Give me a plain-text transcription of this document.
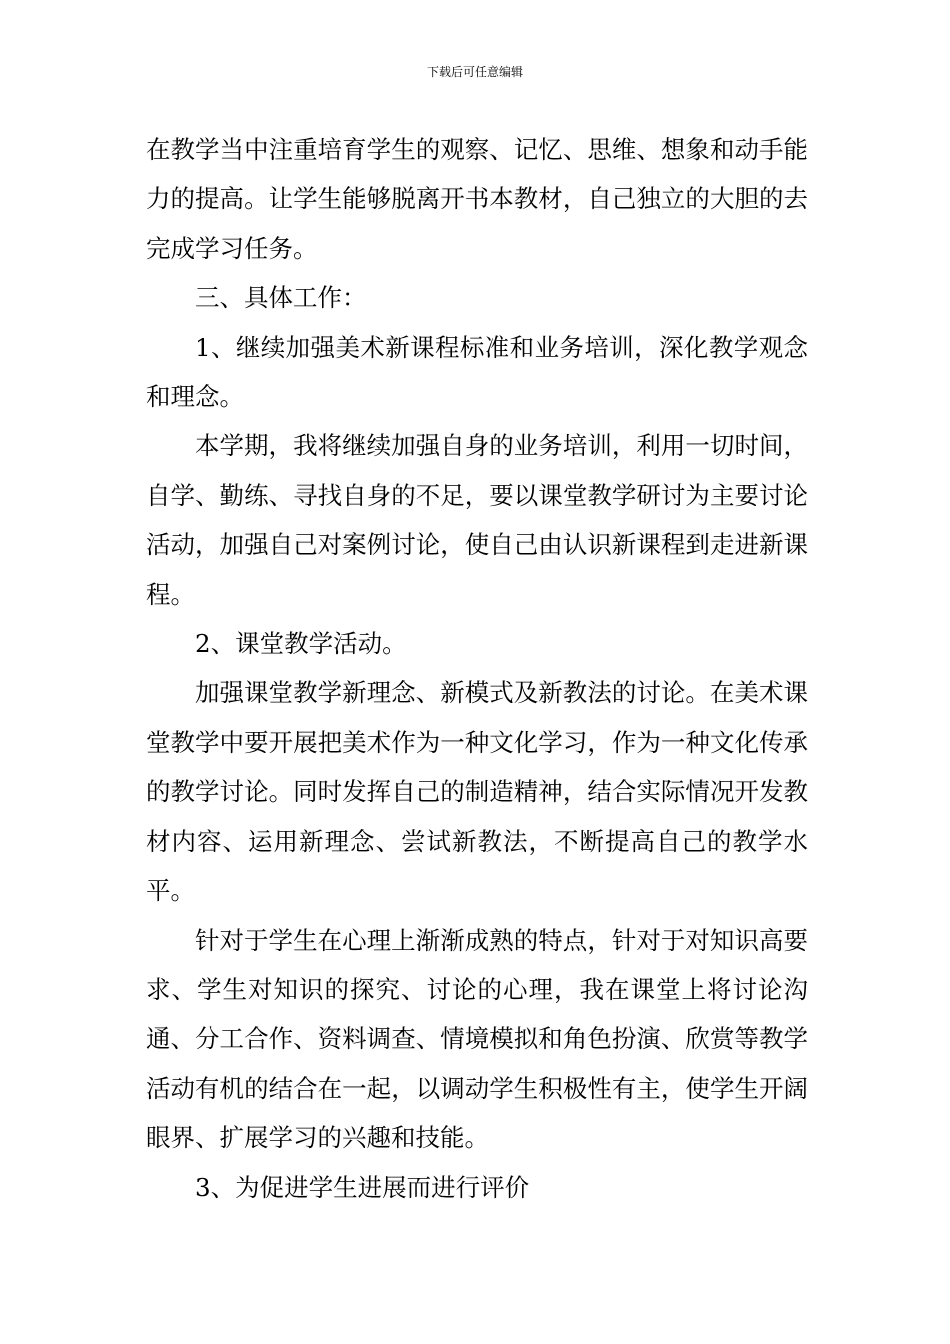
下载后可任意编辑

在教学当中注重培育学生的观察、记忆、思维、想象和动手能力的提高。让学生能够脱离开书本教材，自己独立的大胆的去完成学习任务。

三、具体工作：

1、继续加强美术新课程标准和业务培训，深化教学观念和理念。

本学期，我将继续加强自身的业务培训，利用一切时间，自学、勤练、寻找自身的不足，要以课堂教学研讨为主要讨论活动，加强自己对案例讨论，使自己由认识新课程到走进新课程。

2、课堂教学活动。

加强课堂教学新理念、新模式及新教法的讨论。在美术课堂教学中要开展把美术作为一种文化学习，作为一种文化传承的教学讨论。同时发挥自己的制造精神，结合实际情况开发教材内容、运用新理念、尝试新教法，不断提高自己的教学水平。

针对于学生在心理上渐渐成熟的特点，针对于对知识高要求、学生对知识的探究、讨论的心理，我在课堂上将讨论沟通、分工合作、资料调查、情境模拟和角色扮演、欣赏等教学活动有机的结合在一起，以调动学生积极性有主，使学生开阔眼界、扩展学习的兴趣和技能。

3、为促进学生进展而进行评价
